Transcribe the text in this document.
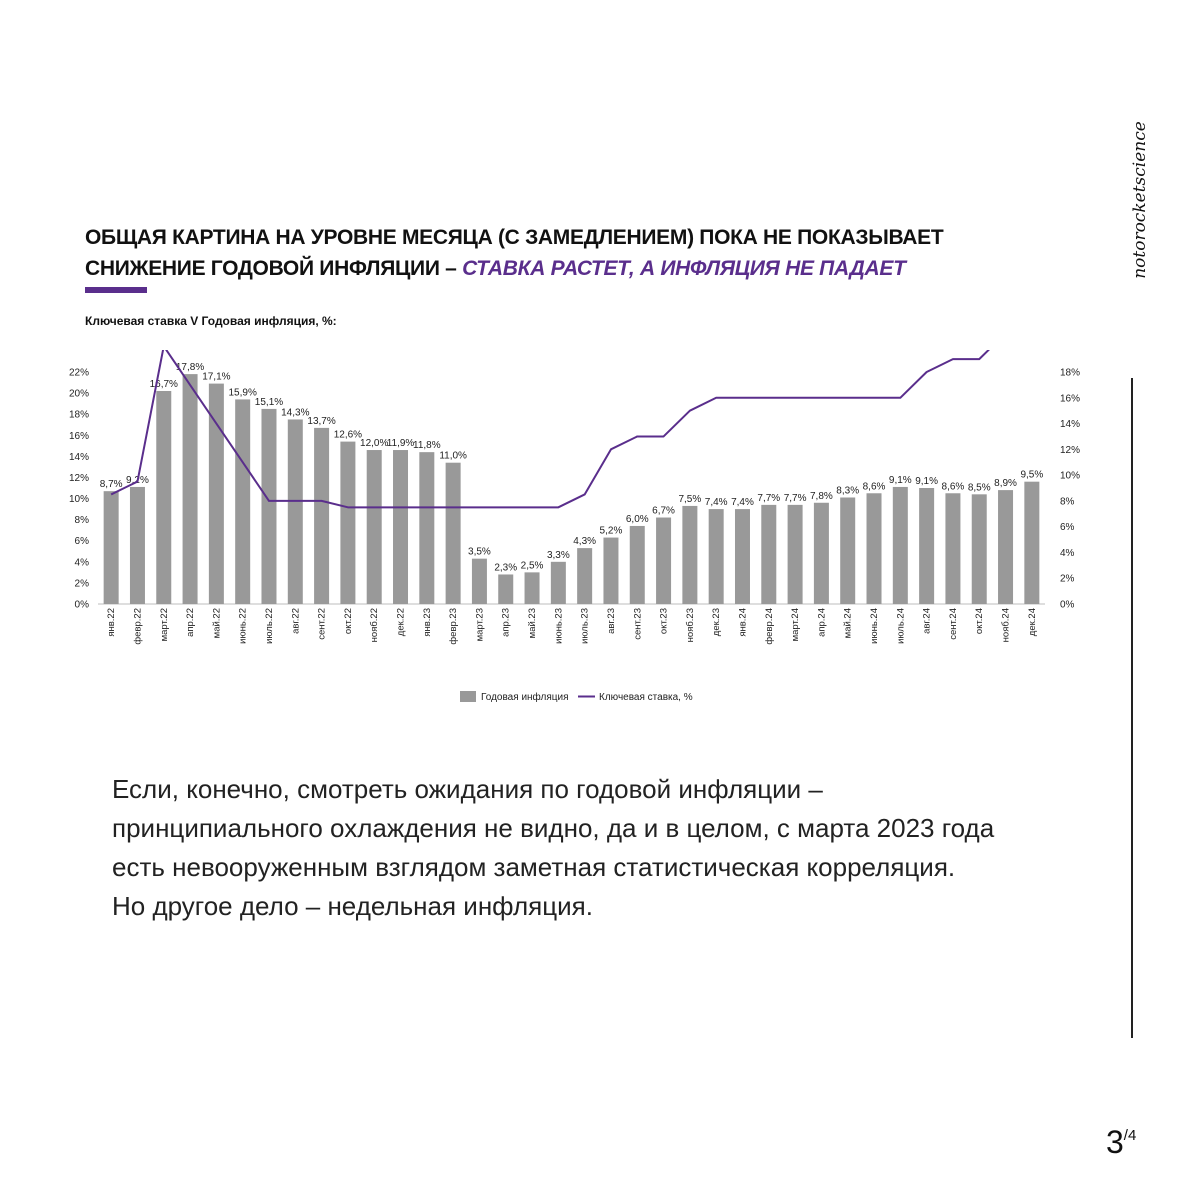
ОБЩАЯ КАРТИНА НА УРОВНЕ МЕСЯЦА (С ЗАМЕДЛЕНИЕМ) ПОКА НЕ ПОКАЗЫВАЕТ СНИЖЕНИЕ ГОДОВОЙ ИНФЛЯЦИИ – СТАВКА РАСТЕТ, А ИНФЛЯЦИЯ НЕ ПАДАЕТ
Ключевая ставка V Годовая инфляция, %:
0%
2%
4%
6%
8%
10%
12%
14%
16%
18%
20%
22%
0%
2%
4%
6%
8%
10%
12%
14%
16%
18%
8,7% 9,2%
16,7%
17,8%
17,1%
15,9%
15,1%
14,3%
13,7%
12,6%
12,0%
11,9%
11,8%
11,0%
3,5%
2,3% 2,5%
3,3%
4,3%
5,2%
6,0%
6,7%
7,5% 7,4% 7,4% 7,7% 7,7% 7,8% 8,3% 8,6%
9,1% 9,1% 8,6% 8,5% 8,9%
9,5%
янв.22 февр.22 март.22 апр.22 май.22 июнь.22 июль.22 авг.22 сент.22 окт.22 нояб.22 дек.22 янв.23 февр.23 март.23 апр.23 май.23 июнь.23 июль.23 авг.23 сент.23 окт.23 нояб.23 дек.23 янв.24 февр.24 март.24 апр.24 май.24 июнь.24 июль.24 авг.24 сент.24 окт.24 нояб.24 дек.24
Годовая инфляция	Ключевая ставка, %

Если, конечно, смотреть ожидания по годовой инфляции – принципиального охлаждения не видно, да и в целом, с марта 2023 года есть невооруженным взглядом заметная статистическая корреляция.

Но другое дело – недельная инфляция.

notorocketscience
$3^{/4}$
